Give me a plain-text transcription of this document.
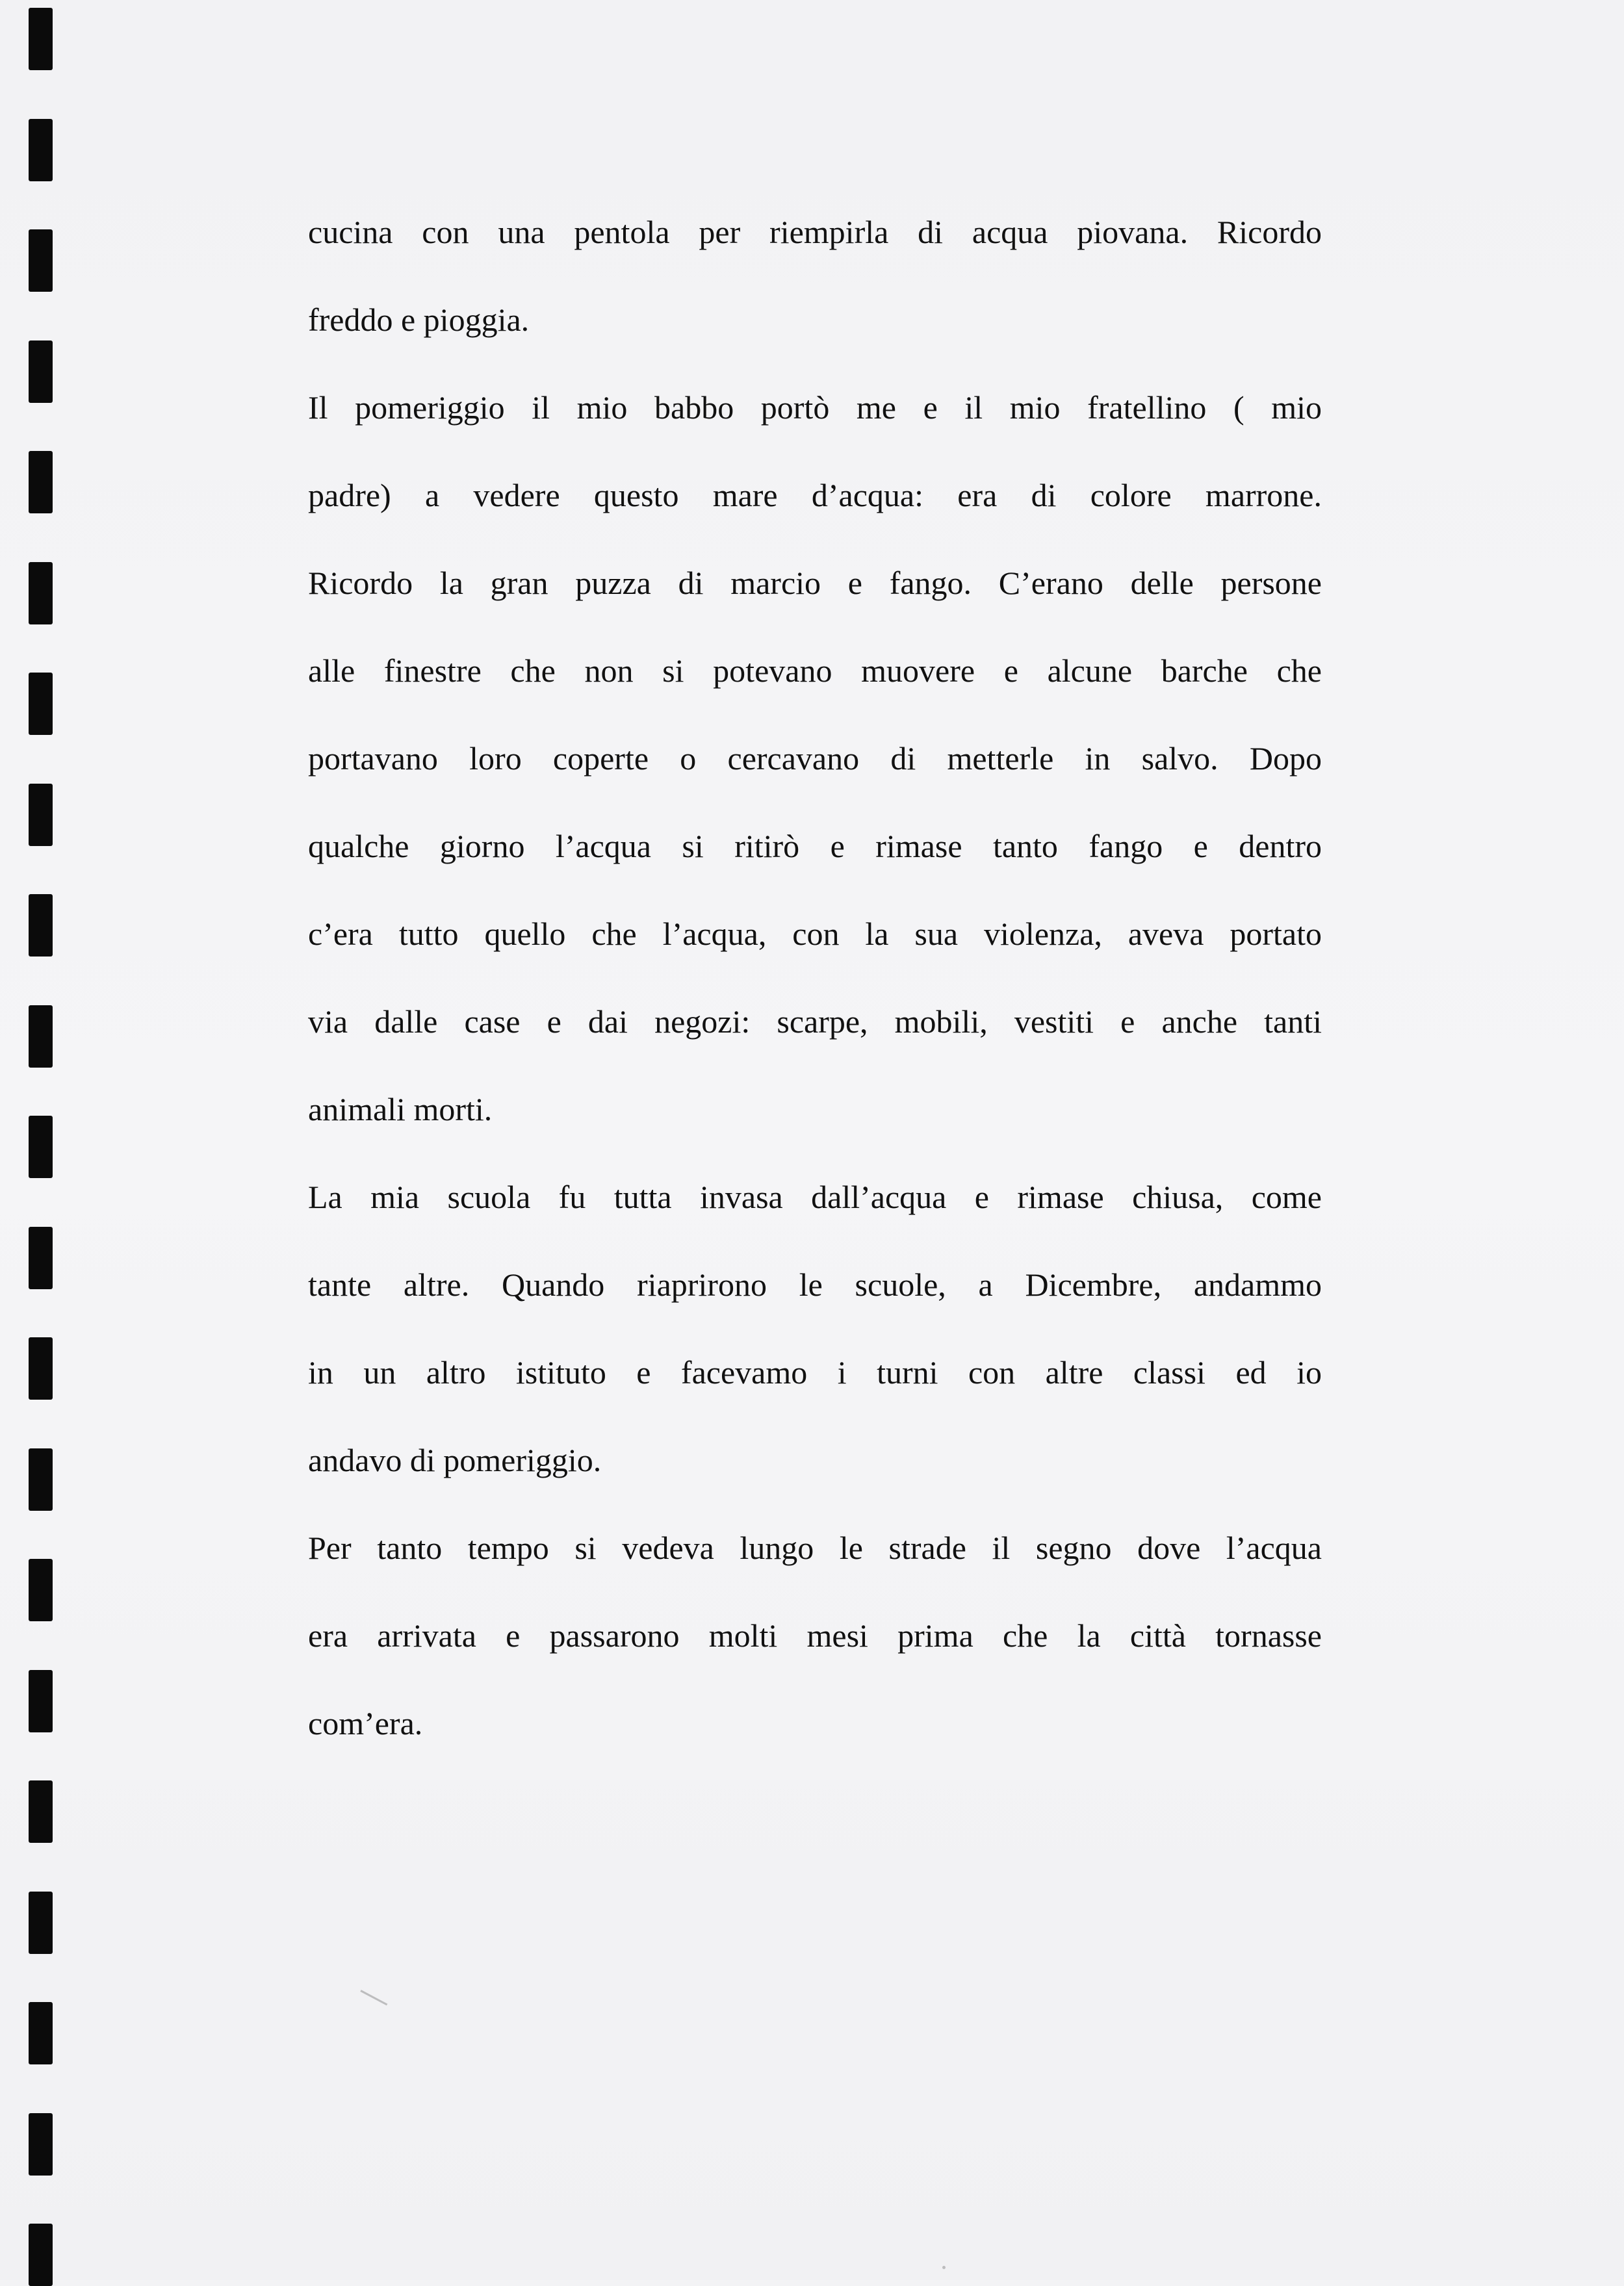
cucina con una pentola per riempirla di acqua piovana. Ricordo
freddo e pioggia.
Il pomeriggio il mio babbo portò me e il mio fratellino ( mio
padre) a vedere questo mare d’acqua: era di colore marrone.
Ricordo la gran puzza di marcio e fango. C’erano delle persone
alle finestre che non si potevano muovere e alcune barche che
portavano loro coperte o cercavano di metterle in salvo. Dopo
qualche giorno l’acqua si ritirò e rimase tanto fango e dentro
c’era tutto quello che l’acqua, con la sua violenza, aveva portato
via dalle case e dai negozi: scarpe, mobili, vestiti e anche tanti
animali morti.
La mia scuola fu tutta invasa dall’acqua e rimase chiusa, come
tante altre. Quando riaprirono le scuole, a Dicembre, andammo
in un altro istituto e facevamo i turni con altre classi ed io
andavo di pomeriggio.
Per tanto tempo si vedeva lungo le strade il segno dove l’acqua
era arrivata e passarono molti mesi prima che la città tornasse
com’era.
